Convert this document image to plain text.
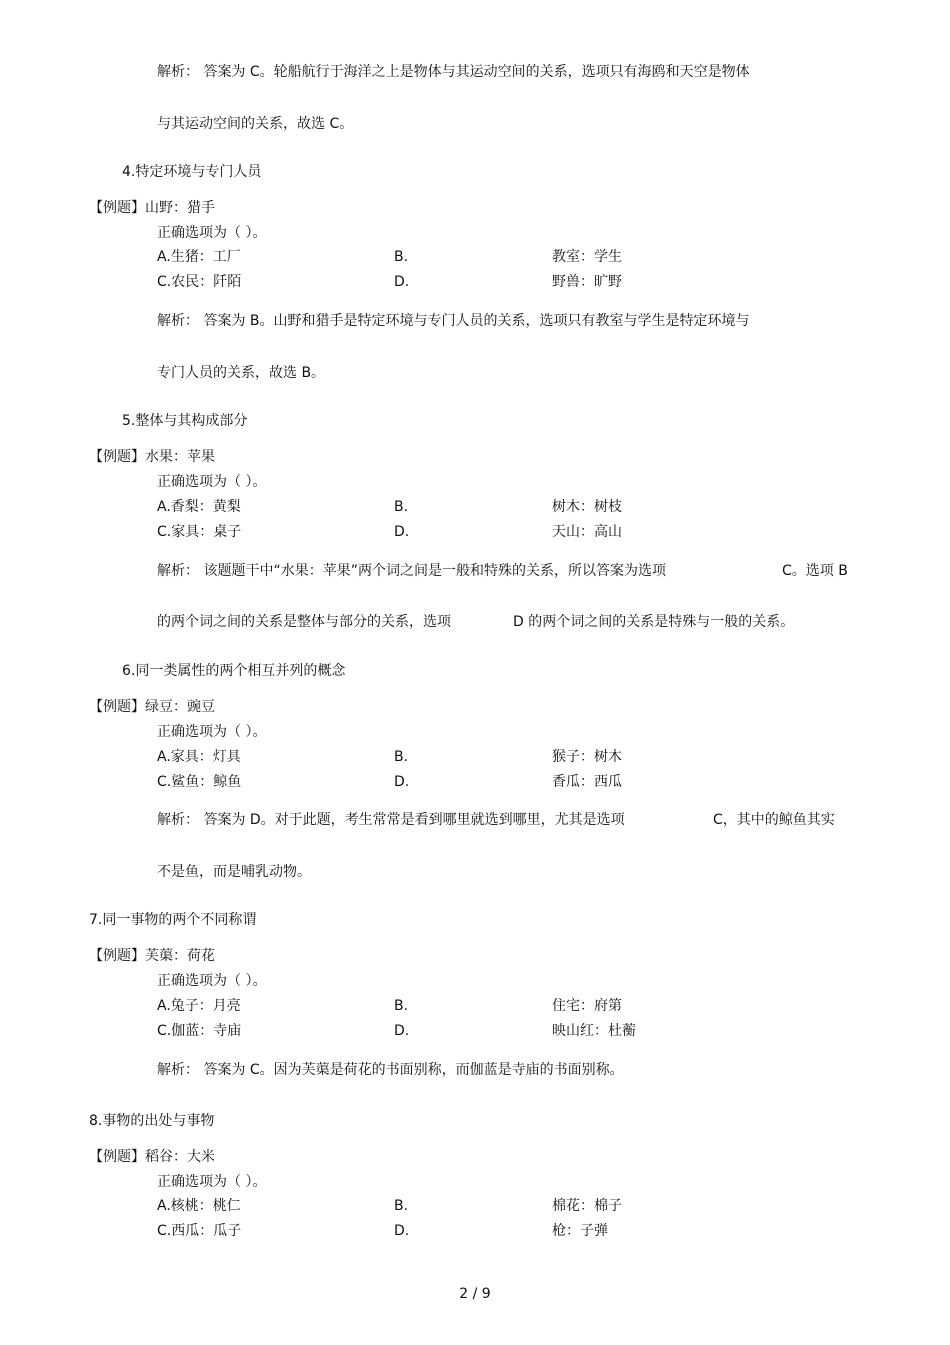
解析： 答案为 C。轮船航行于海洋之上是物体与其运动空间的关系，选项只有海鸥和天空是物体
与其运动空间的关系，故选 C。
4.特定环境与专门人员
【例题】山野：猎手
正确选项为（ ）。
A.生猪：工厂	B.	教室：学生
C.农民：阡陌	D.	野兽：旷野
解析： 答案为 B。山野和猎手是特定环境与专门人员的关系，选项只有教室与学生是特定环境与
专门人员的关系，故选 B。
5.整体与其构成部分
【例题】水果：苹果
正确选项为（ ）。
A.香梨：黄梨	B.	树木：树枝
C.家具：桌子	D.	天山：高山
解析： 该题题干中“水果：苹果”两个词之间是一般和特殊的关系，所以答案为选项	C。选项 B
的两个词之间的关系是整体与部分的关系，选项	D 的两个词之间的关系是特殊与一般的关系。
6.同一类属性的两个相互并列的概念
【例题】绿豆：豌豆
正确选项为（ ）。
A.家具：灯具	B.	猴子：树木
C.鲨鱼：鲸鱼	D.	香瓜：西瓜
解析： 答案为 D。对于此题，考生常常是看到哪里就选到哪里，尤其是选项	C，其中的鲸鱼其实
不是鱼，而是哺乳动物。
7.同一事物的两个不同称谓
【例题】芙蕖：荷花
正确选项为（ ）。
A.兔子：月亮	B.	住宅：府第
C.伽蓝：寺庙	D.	映山红：杜蘅
解析： 答案为 C。因为芙蕖是荷花的书面别称，而伽蓝是寺庙的书面别称。
8.事物的出处与事物
【例题】稻谷：大米
正确选项为（ ）。
A.核桃：桃仁	B.	棉花：棉子
C.西瓜：瓜子	D.	枪：子弹
2 / 9
